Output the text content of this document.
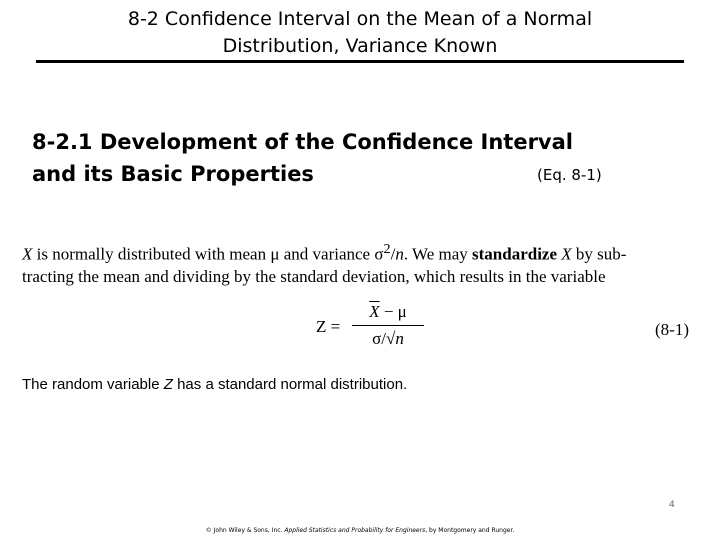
8-2 Confidence Interval on the Mean of a Normal
Distribution, Variance Known
8-2.1 Development of the Confidence Interval
and its Basic Properties	(Eq. 8-1)
X is normally distributed with mean μ and variance $\sigma^2/n$. We may standardize X by sub-
tracting the mean and dividing by the standard deviation, which results in the variable
Z =
$\overline{X} - \mu$
σ/√n	(8-1)
The random variable Z has a standard normal distribution.
4
© John Wiley & Sons, Inc. Applied Statistics and Probability for Engineers, by Montgomery and Runger.
